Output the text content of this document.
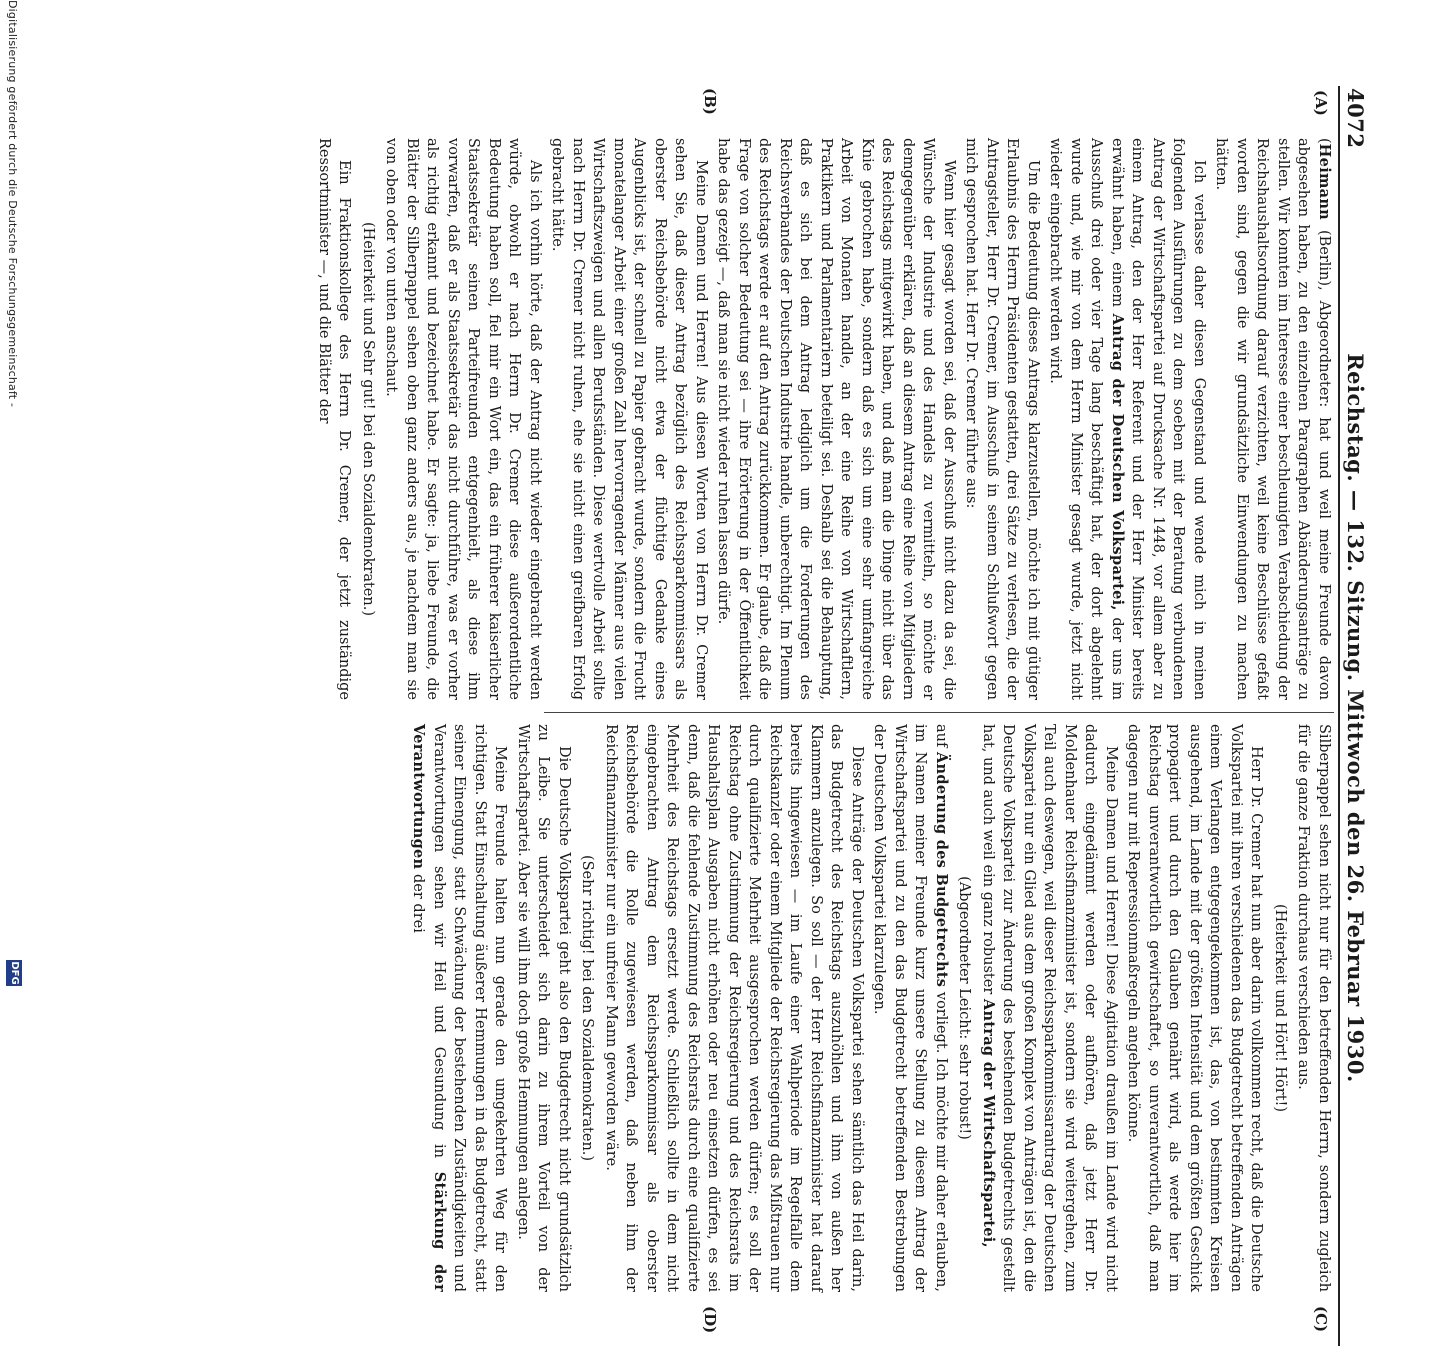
4072
Reichstag. — 132. Sitzung. Mittwoch den 26. Februar 1930.
(A)
(B)
(C)
(D)

(Heimann (Berlin), Abgeordneter: hat und weil meine Freunde davon abgesehen haben, zu den einzelnen Paragraphen Abänderungsanträge zu stellen. Wir konnten im Interesse einer beschleunigten Verabschiedung der Reichshaushaltsordnung darauf verzichten, weil keine Beschlüsse gefaßt worden sind, gegen die wir grundsätzliche Einwendungen zu machen hätten.

Ich verlasse daher diesen Gegenstand und wende mich in meinen folgenden Ausführungen zu dem soeben mit der Beratung verbundenen Antrag der Wirtschaftspartei auf Drucksache Nr. 1448, vor allem aber zu einem Antrag, den der Herr Referent und der Herr Minister bereits erwähnt haben, einem Antrag der Deutschen Volkspartei, der uns im Ausschuß drei oder vier Tage lang beschäftigt hat, der dort abgelehnt wurde und, wie mir von dem Herrn Minister gesagt wurde, jetzt nicht wieder eingebracht werden wird.

Um die Bedeutung dieses Antrags klarzustellen, möchte ich mit gütiger Erlaubnis des Herrn Präsidenten gestatten, drei Sätze zu verlesen, die der Antragsteller, Herr Dr. Cremer, im Ausschuß in seinem Schlußwort gegen mich gesprochen hat. Herr Dr. Cremer führte aus:

Wenn hier gesagt worden sei, daß der Ausschuß nicht dazu da sei, die Wünsche der Industrie und des Handels zu vermitteln, so möchte er demgegenüber erklären, daß an diesem Antrag eine Reihe von Mitgliedern des Reichstags mitgewirkt haben, und daß man die Dinge nicht über das Knie gebrochen habe, sondern daß es sich um eine sehr umfangreiche Arbeit von Monaten handle, an der eine Reihe von Wirtschaftlern, Praktikern und Parlamentariern beteiligt sei. Deshalb sei die Behauptung, daß es sich bei dem Antrag lediglich um die Forderungen des Reichsverbandes der Deutschen Industrie handle, unberechtigt. Im Plenum des Reichstags werde er auf den Antrag zurückkommen. Er glaube, daß die Frage von solcher Bedeutung sei — ihre Erörterung in der Öffentlichkeit habe das gezeigt —, daß man sie nicht wieder ruhen lassen dürfe.

Meine Damen und Herren! Aus diesen Worten von Herrn Dr. Cremer sehen Sie, daß dieser Antrag bezüglich des Reichssparkommissars als oberster Reichsbehörde nicht etwa der flüchtige Gedanke eines Augenblicks ist, der schnell zu Papier gebracht wurde, sondern die Frucht monatelanger Arbeit einer großen Zahl hervorragender Männer aus vielen Wirtschaftszweigen und allen Berufsständen. Diese wertvolle Arbeit sollte nach Herrn Dr. Cremer nicht ruhen, ehe sie nicht einen greifbaren Erfolg gebracht hätte.

Als ich vorhin hörte, daß der Antrag nicht wieder eingebracht werden würde, obwohl er nach Herrn Dr. Cremer diese außerordentliche Bedeutung haben soll, fiel mir ein Wort ein, das ein früherer kaiserlicher Staatssekretär seinen Parteifreunden entgegenhielt, als diese ihm vorwarfen, daß er als Staatssekretär das nicht durchführe, was er vorher als richtig erkannt und bezeichnet habe. Er sagte: ja, liebe Freunde, die Blätter der Silberpappel sehen oben ganz anders aus, je nachdem man sie von oben oder von unten anschaut.

(Heiterkeit und Sehr gut! bei den Sozialdemokraten.)

Ein Fraktionskollege des Herrn Dr. Cremer, der jetzt zuständige Ressortminister —, und die Blätter der

Silberpappel sehen nicht nur für den betreffenden Herrn, sondern zugleich für die ganze Fraktion durchaus verschieden aus.

(Heiterkeit und Hört! Hört!)

Herr Dr. Cremer hat nun aber darin vollkommen recht, daß die Deutsche Volkspartei mit ihren verschiedenen das Budgetrecht betreffenden Anträgen einem Verlangen entgegengekommen ist, das, von bestimmten Kreisen ausgehend, im Lande mit der größten Intensität und dem größten Geschick propagiert und durch den Glauben genährt wird, als werde hier im Reichstag unverantwortlich gewirtschaftet, so unverantwortlich, daß man dagegen nur mit Reperessionmaßregeln angehen könne.

Meine Damen und Herren! Diese Agitation draußen im Lande wird nicht dadurch eingedämmt werden oder aufhören, daß jetzt Herr Dr. Moldenhauer Reichsfinanzminister ist, sondern sie wird weitergehen, zum Teil auch deswegen, weil dieser Reichssparkommissarantrag der Deutschen Volkspartei nur ein Glied aus dem großen Komplex von Anträgen ist, den die Deutsche Volkspartei zur Änderung des bestehenden Budgetrechts gestellt hat, und auch weil ein ganz robuster Antrag der Wirtschaftspartei,

(Abgeordneter Leicht: sehr robust!)

auf Änderung des Budgetrechts vorliegt. Ich möchte mir daher erlauben, im Namen meiner Freunde kurz unsere Stellung zu diesem Antrag der Wirtschaftspartei und zu den das Budgetrecht betreffenden Bestrebungen der Deutschen Volkspartei klarzulegen.

Diese Anträge der Deutschen Volkspartei sehen sämtlich das Heil darin, das Budgetrecht des Reichstags auszuhöhlen und ihm von außen her Klammern anzulegen. So soll — der Herr Reichsfinanzminister hat darauf bereits hingewiesen — im Laufe einer Wahlperiode im Regelfalle dem Reichskanzler oder einem Mitgliede der Reichsregierung das Mißtrauen nur durch qualifizierte Mehrheit ausgesprochen werden dürfen; es soll der Reichstag ohne Zustimmung der Reichsregierung und des Reichsrats im Haushaltsplan Ausgaben nicht erhöhen oder neu einsetzen dürfen, es sei denn, daß die fehlende Zustimmung des Reichsrats durch eine qualifizierte Mehrheit des Reichstags ersetzt werde. Schließlich sollte in dem nicht eingebrachten Antrag dem Reichssparkommissar als oberster Reichsbehörde die Rolle zugewiesen werden, daß neben ihm der Reichsfinanzminister nur ein unfreier Mann geworden wäre.

(Sehr richtig! bei den Sozialdemokraten.)

Die Deutsche Volkspartei geht also den Budgetrecht nicht grundsätzlich zu Leibe. Sie unterscheidet sich darin zu ihrem Vorteil von der Wirtschaftspartei. Aber sie will ihm doch große Hemmungen anlegen.

Meine Freunde halten nun gerade den umgekehrten Weg für den richtigen. Statt Einschaltung äußerer Hemmungen in das Budgetrecht, statt seiner Einengung, statt Schwächung der bestehenden Zuständigkeiten und Verantwortungen sehen wir Heil und Gesundung in Stärkung der Verantwortungen der drei

Digitalisierung gefördert durch die Deutsche Forschungsgemeinschaft -
DFG
